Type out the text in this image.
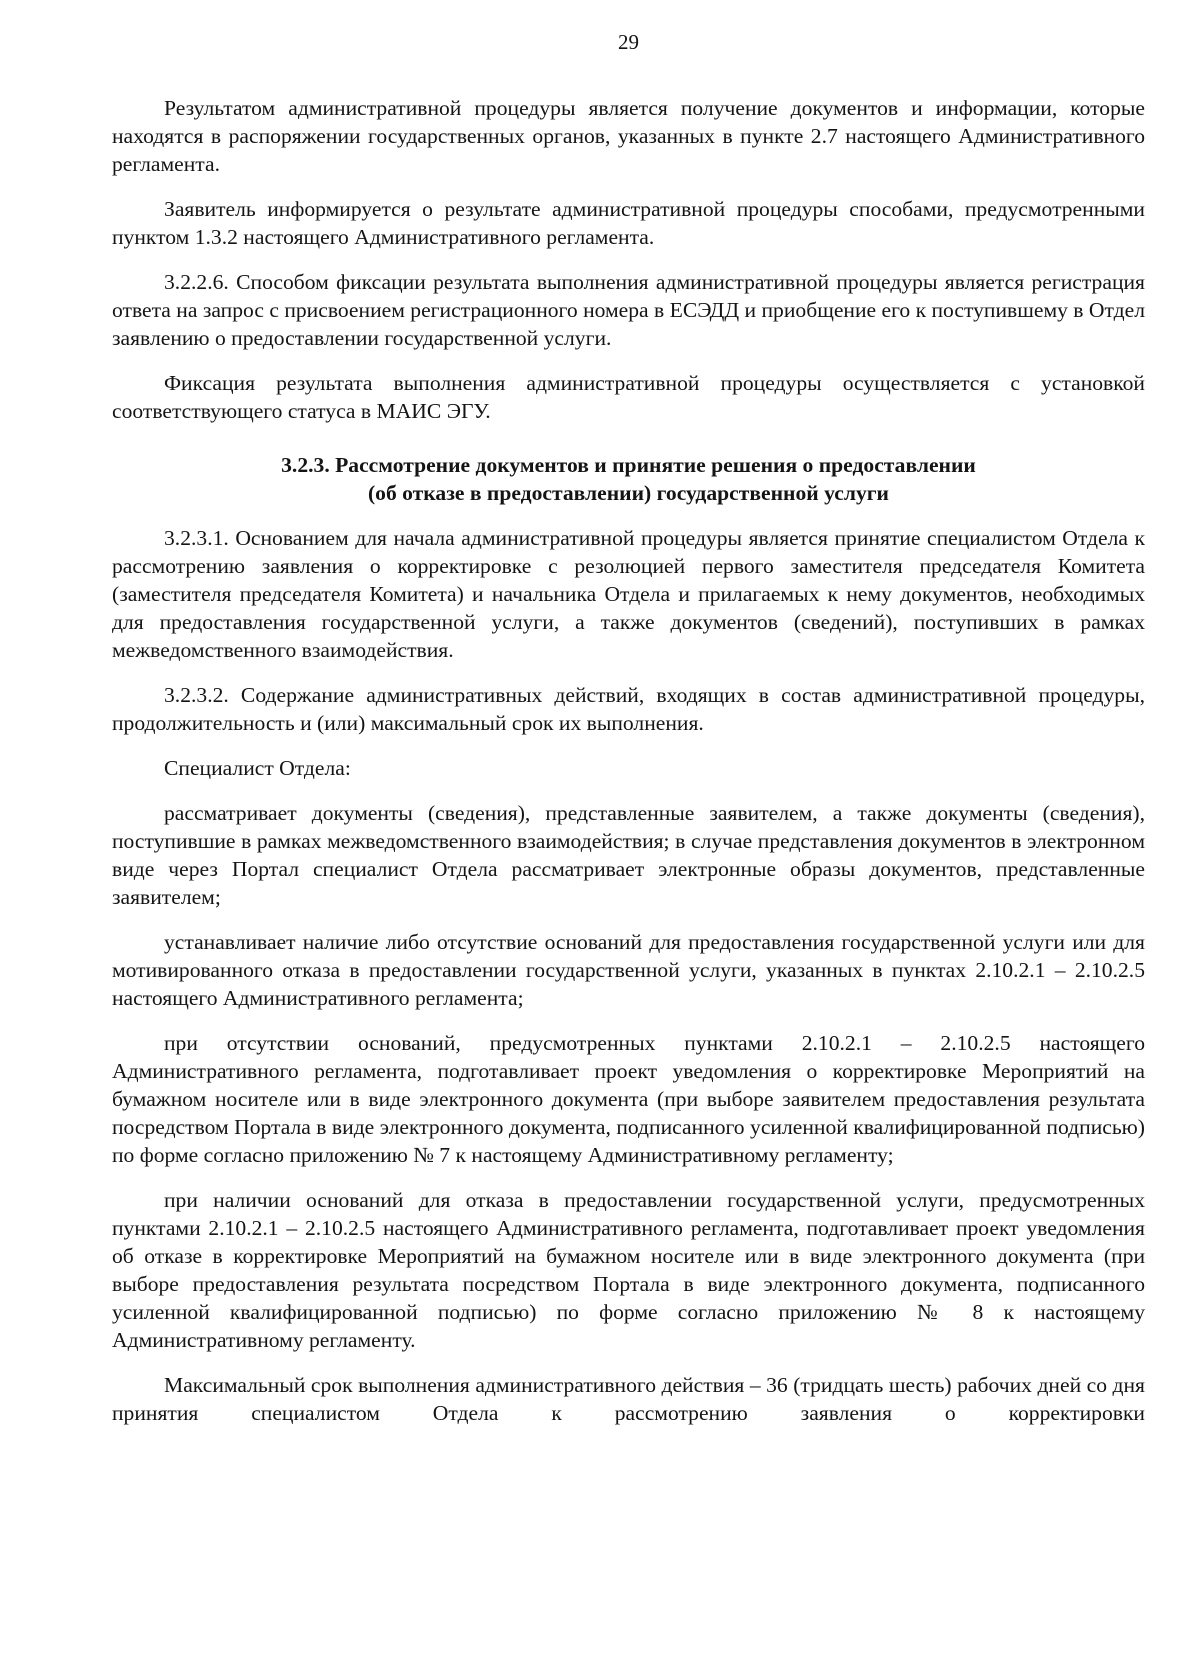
29

Результатом административной процедуры является получение документов и информации, которые находятся в распоряжении государственных органов, указанных в пункте 2.7 настоящего Административного регламента.

Заявитель информируется о результате административной процедуры способами, предусмотренными пунктом 1.3.2 настоящего Административного регламента.

3.2.2.6. Способом фиксации результата выполнения административной процедуры является регистрация ответа на запрос с присвоением регистрационного номера в ЕСЭДД и приобщение его к поступившему в Отдел заявлению о предоставлении государственной услуги.

Фиксация результата выполнения административной процедуры осуществляется с установкой соответствующего статуса в МАИС ЭГУ.

3.2.3. Рассмотрение документов и принятие решения о предоставлении
(об отказе в предоставлении) государственной услуги

3.2.3.1. Основанием для начала административной процедуры является принятие специалистом Отдела к рассмотрению заявления о корректировке с резолюцией первого заместителя председателя Комитета (заместителя председателя Комитета) и начальника Отдела и прилагаемых к нему документов, необходимых для предоставления государственной услуги, а также документов (сведений), поступивших в рамках межведомственного взаимодействия.

3.2.3.2. Содержание административных действий, входящих в состав административной процедуры, продолжительность и (или) максимальный срок их выполнения.

Специалист Отдела:

рассматривает документы (сведения), представленные заявителем, а также документы (сведения), поступившие в рамках межведомственного взаимодействия; в случае представления документов в электронном виде через Портал специалист Отдела рассматривает электронные образы документов, представленные заявителем;

устанавливает наличие либо отсутствие оснований для предоставления государственной услуги или для мотивированного отказа в предоставлении государственной услуги, указанных в пунктах 2.10.2.1 – 2.10.2.5 настоящего Административного регламента;

при отсутствии оснований, предусмотренных пунктами 2.10.2.1 – 2.10.2.5 настоящего Административного регламента, подготавливает проект уведомления о корректировке Мероприятий на бумажном носителе или в виде электронного документа (при выборе заявителем предоставления результата посредством Портала в виде электронного документа, подписанного усиленной квалифицированной подписью) по форме согласно приложению № 7 к настоящему Административному регламенту;

при наличии оснований для отказа в предоставлении государственной услуги, предусмотренных пунктами 2.10.2.1 – 2.10.2.5 настоящего Административного регламента, подготавливает проект уведомления об отказе в корректировке Мероприятий на бумажном носителе или в виде электронного документа (при выборе предоставления результата посредством Портала в виде электронного документа, подписанного усиленной квалифицированной подписью) по форме согласно приложению № 8 к настоящему Административному регламенту.

Максимальный срок выполнения административного действия – 36 (тридцать шесть) рабочих дней со дня принятия специалистом Отдела к рассмотрению заявления о корректировки
